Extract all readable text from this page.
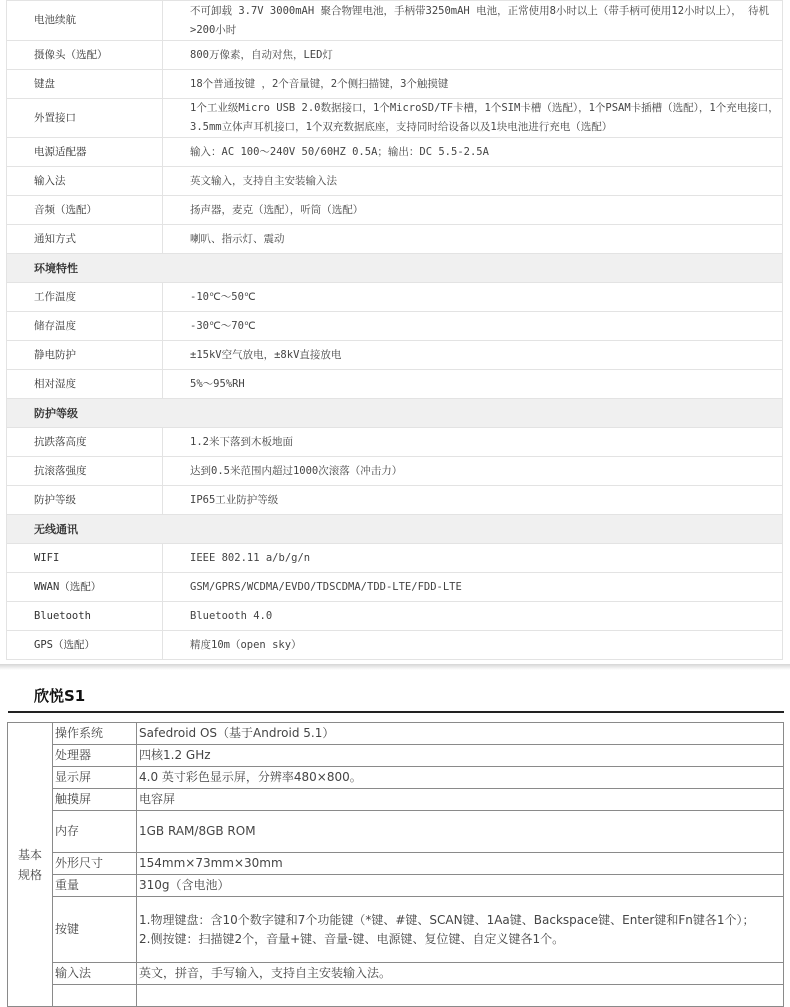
电池续航	不可卸载 3.7V 3000mAH 聚合物锂电池，手柄带3250mAH 电池，正常使用8小时以上（带手柄可使用12小时以上）， 待机>200小时
摄像头（选配）	800万像素，自动对焦，LED灯
键盘	18个普通按键 ，2个音量键，2个侧扫描键，3个触摸键
外置接口	1个工业级Micro USB 2.0数据接口，1个MicroSD/TF卡槽，1个SIM卡槽（选配），1个PSAM卡插槽（选配），1个充电接口，3.5mm立体声耳机接口，1个双充数据底座，支持同时给设备以及1块电池进行充电（选配）
电源适配器	输入：AC 100～240V 50/60HZ 0.5A；输出：DC 5.5-2.5A
输入法	英文输入，支持自主安装输入法
音频（选配）	扬声器，麦克（选配），听筒（选配）
通知方式	喇叭、指示灯、震动
环境特性	
工作温度	-10℃～50℃
储存温度	-30℃～70℃
静电防护	±15kV空气放电，±8kV直接放电
相对湿度	5%～95%RH
防护等级	
抗跌落高度	1.2米下落到木板地面
抗滚落强度	达到0.5米范围内超过1000次滚落（冲击力）
防护等级	IP65工业防护等级
无线通讯	
WIFI	IEEE 802.11 a/b/g/n
WWAN（选配）	GSM/GPRS/WCDMA/EVDO/TDSCDMA/TDD-LTE/FDD-LTE
Bluetooth	Bluetooth 4.0
GPS（选配）	精度10m（open sky）
欣悦S1
基本规格	操作系统	Safedroid OS（基于Android 5.1）
	处理器	四核1.2 GHz
	显示屏	4.0 英寸彩色显示屏，分辨率480×800。
	触摸屏	电容屏
	内存	1GB RAM/8GB ROM
	外形尺寸	154mm×73mm×30mm
	重量	310g（含电池）
	按键	1.物理键盘：含10个数字键和7个功能键（*键、#键、SCAN键、1Aa键、Backspace键、Enter键和Fn键各1个）；
2.侧按键：扫描键2个，音量+键、音量-键、电源键、复位键、自定义键各1个。

	输入法	英文，拼音，手写输入，支持自主安装输入法。
